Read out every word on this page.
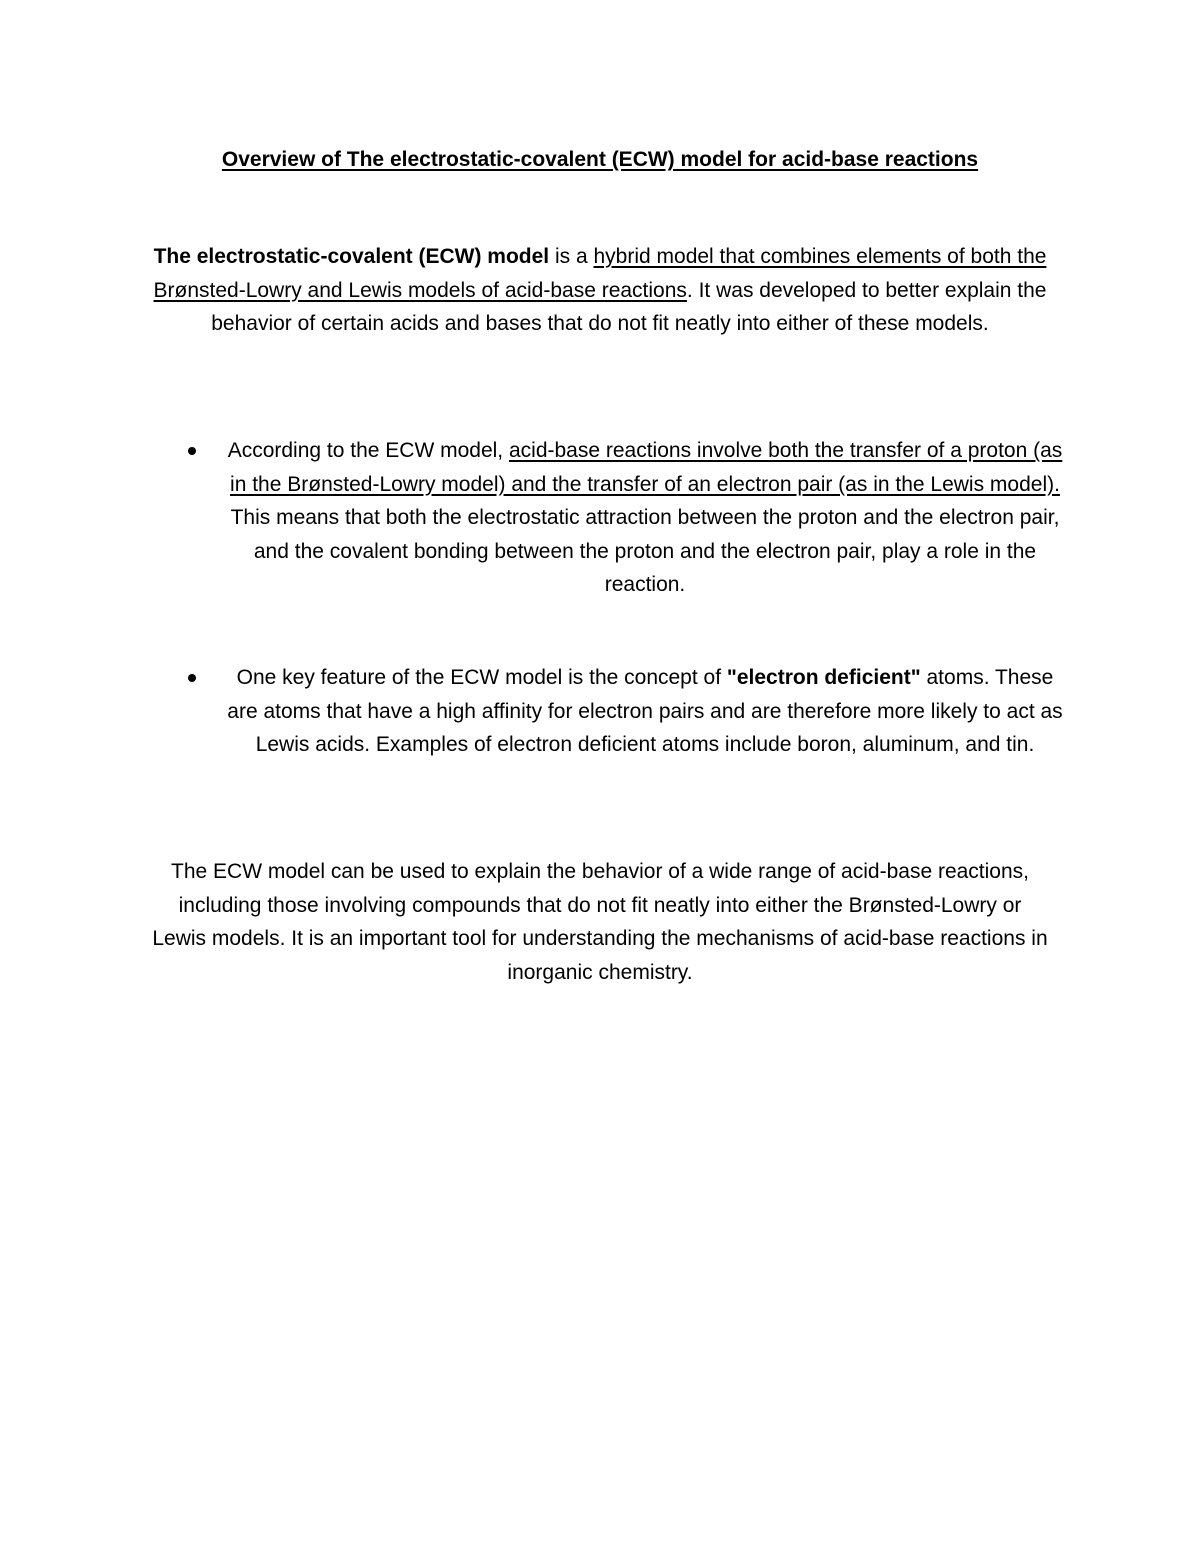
Overview of The electrostatic-covalent (ECW) model for acid-base reactions

The electrostatic-covalent (ECW) model is a hybrid model that combines elements of both the Brønsted-Lowry and Lewis models of acid-base reactions. It was developed to better explain the behavior of certain acids and bases that do not fit neatly into either of these models.

According to the ECW model, acid-base reactions involve both the transfer of a proton (as in the Brønsted-Lowry model) and the transfer of an electron pair (as in the Lewis model). This means that both the electrostatic attraction between the proton and the electron pair, and the covalent bonding between the proton and the electron pair, play a role in the reaction.

One key feature of the ECW model is the concept of "electron deficient" atoms. These are atoms that have a high affinity for electron pairs and are therefore more likely to act as Lewis acids. Examples of electron deficient atoms include boron, aluminum, and tin.

The ECW model can be used to explain the behavior of a wide range of acid-base reactions, including those involving compounds that do not fit neatly into either the Brønsted-Lowry or Lewis models. It is an important tool for understanding the mechanisms of acid-base reactions in inorganic chemistry.
